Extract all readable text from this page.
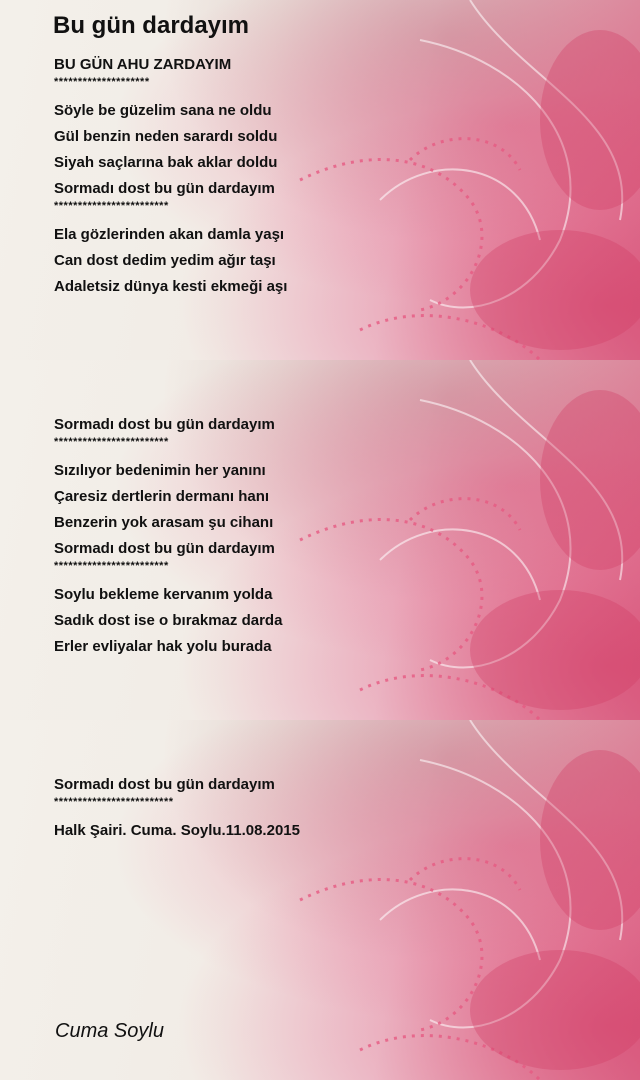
Bu gün dardayım
BU GÜN AHU ZARDAYIM
********************
Söyle be güzelim sana ne oldu
Gül benzin neden sarardı soldu
Siyah saçlarına bak aklar doldu
Sormadı dost bu gün dardayım
************************
Ela gözlerinden akan damla yaşı
Can dost dedim yedim ağır taşı
Adaletsiz dünya kesti ekmeği aşı
Sormadı dost bu gün dardayım
************************
Sızılıyor bedenimin her yanını
Çaresiz dertlerin dermanı hanı
Benzerin yok arasam şu cihanı
Sormadı dost bu gün dardayım
************************
Soylu bekleme kervanım yolda
Sadık dost ise o bırakmaz darda
Erler evliyalar hak yolu burada
Sormadı dost bu gün dardayım
*************************
Halk Şairi. Cuma. Soylu.11.08.2015
Cuma Soylu
